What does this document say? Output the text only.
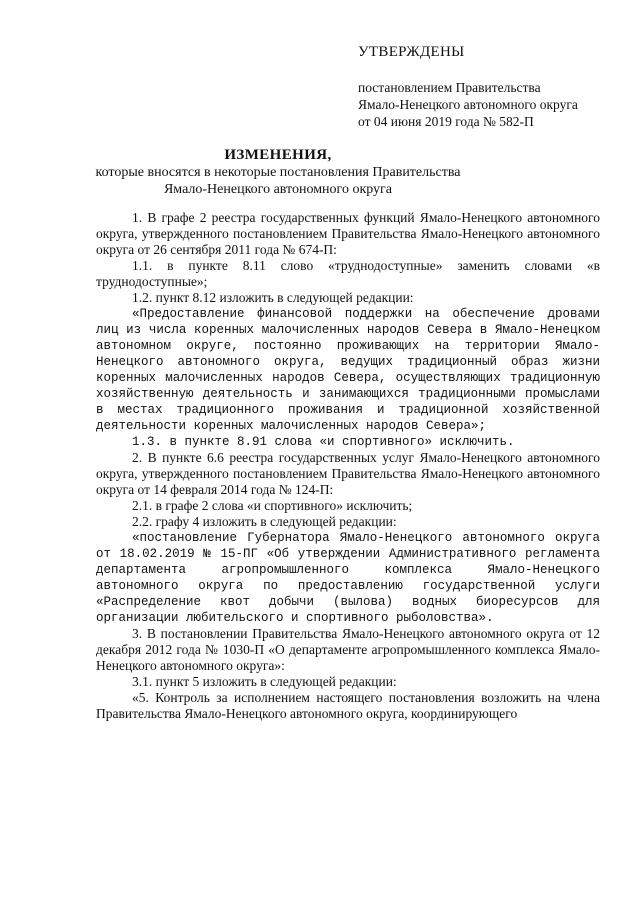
УТВЕРЖДЕНЫ
постановлением Правительства
Ямало-Ненецкого автономного округа
от 04 июня 2019 года № 582-П
ИЗМЕНЕНИЯ,
которые вносятся в некоторые постановления Правительства
Ямало-Ненецкого автономного округа

1. В графе 2 реестра государственных функций Ямало-Ненецкого автономного округа, утвержденного постановлением Правительства Ямало-Ненецкого автономного округа от 26 сентября 2011 года № 674-П:

1.1. в пункте 8.11 слово «труднодоступные» заменить словами «в труднодоступные»;

1.2. пункт 8.12 изложить в следующей редакции:

«Предоставление финансовой поддержки на обеспечение дровами лиц из числа коренных малочисленных народов Севера в Ямало-Ненецком автономном округе, постоянно проживающих на территории Ямало-Ненецкого автономного округа, ведущих традиционный образ жизни коренных малочисленных народов Севера, осуществляющих традиционную хозяйственную деятельность и занимающихся традиционными промыслами в местах традиционного проживания и традиционной хозяйственной деятельности коренных малочисленных народов Севера»;

1.3. в пункте 8.91 слова «и спортивного» исключить.

2. В пункте 6.6 реестра государственных услуг Ямало-Ненецкого автономного округа, утвержденного постановлением Правительства Ямало-Ненецкого автономного округа от 14 февраля 2014 года № 124-П:

2.1. в графе 2 слова «и спортивного» исключить;

2.2. графу 4 изложить в следующей редакции:

«постановление Губернатора Ямало-Ненецкого автономного округа от 18.02.2019 № 15-ПГ «Об утверждении Административного регламента департамента агропромышленного комплекса Ямало-Ненецкого автономного округа по предоставлению государственной услуги «Распределение квот добычи (вылова) водных биоресурсов для организации любительского и спортивного рыболовства».

3. В постановлении Правительства Ямало-Ненецкого автономного округа от 12 декабря 2012 года № 1030-П «О департаменте агропромышленного комплекса Ямало-Ненецкого автономного округа»:

3.1. пункт 5 изложить в следующей редакции:

«5. Контроль за исполнением настоящего постановления возложить на члена Правительства Ямало-Ненецкого автономного округа, координирующего
